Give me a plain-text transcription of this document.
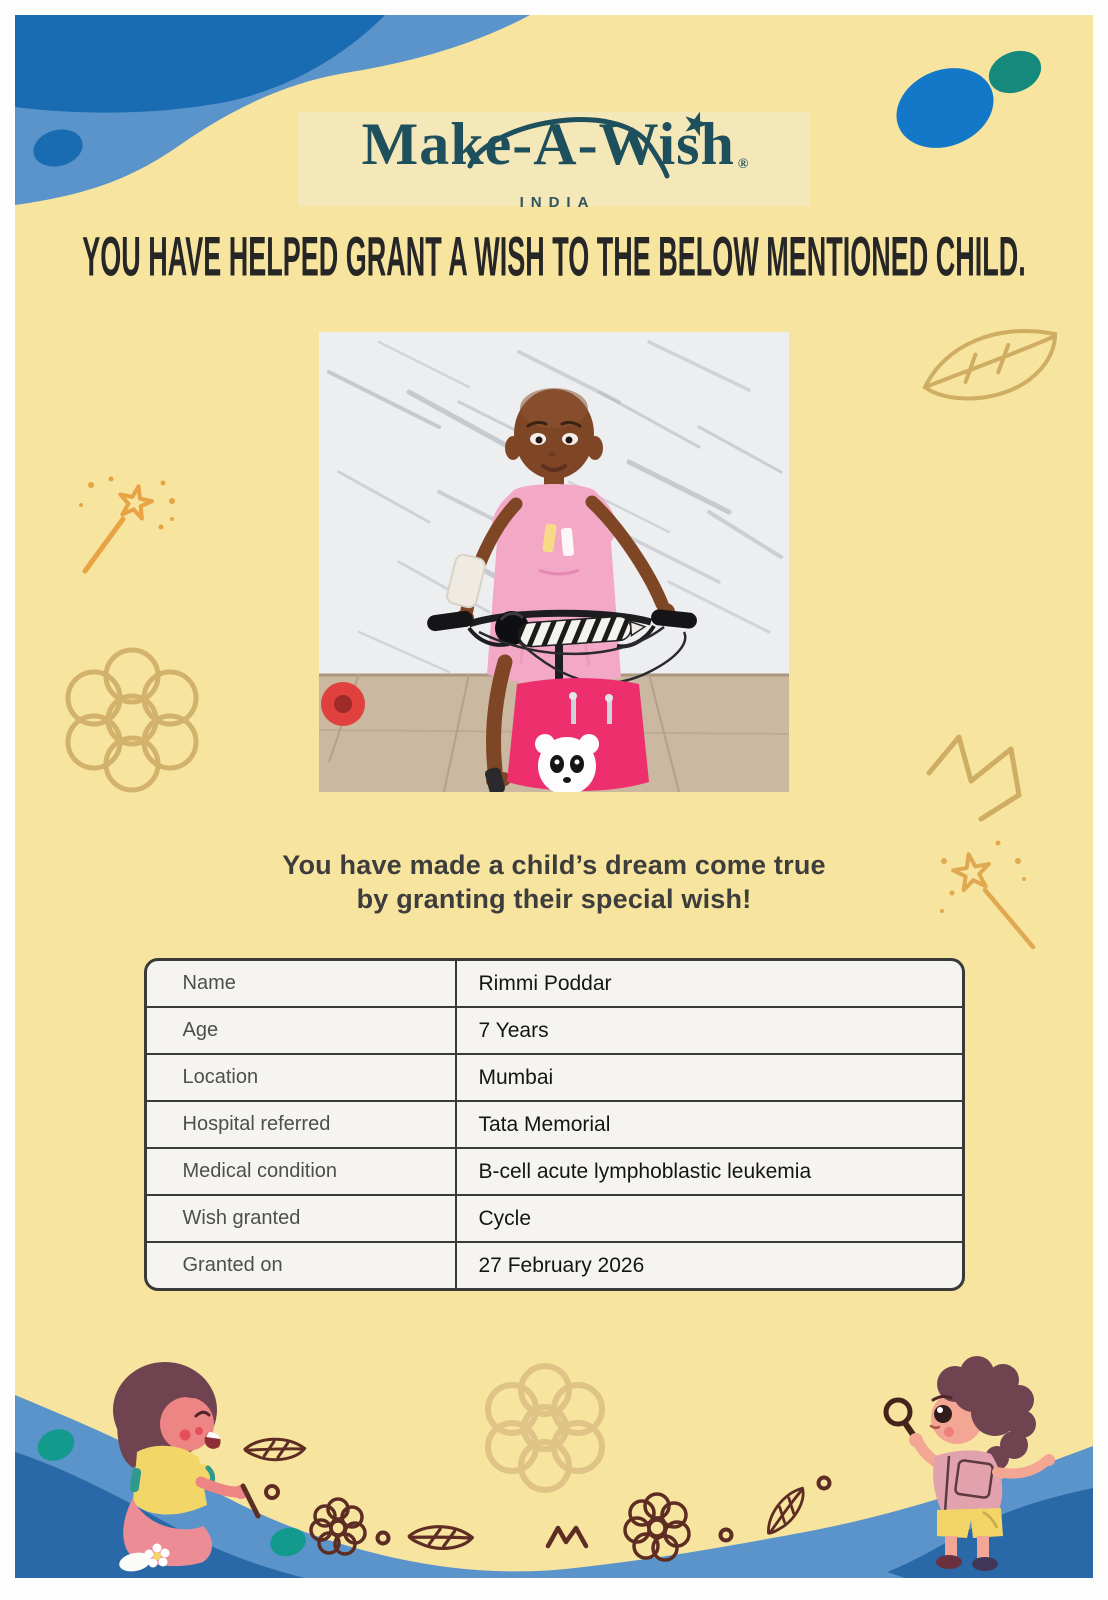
Make-A-Wish ®
INDIA
YOU HAVE HELPED GRANT A WISH TO THE BELOW MENTIONED CHILD.
You have made a child’s dream come true
by granting their special wish!
Name	Rimmi Poddar
Age	7 Years
Location	Mumbai
Hospital referred	Tata Memorial
Medical condition	B-cell acute lymphoblastic leukemia
Wish granted	Cycle
Granted on	27 February 2026
